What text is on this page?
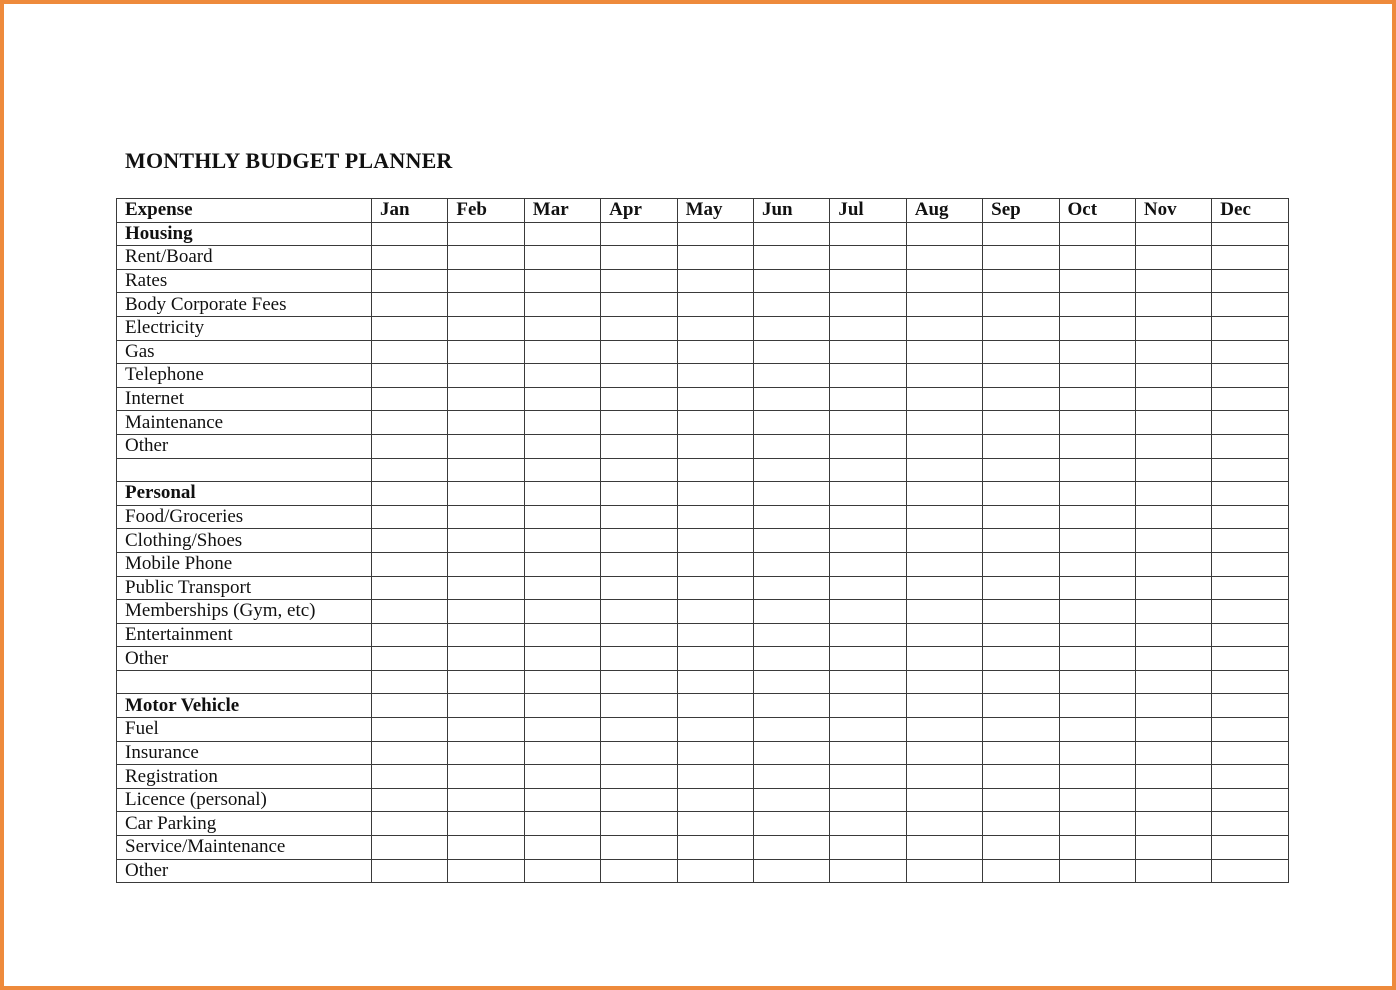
MONTHLY BUDGET PLANNER
Expense	Jan	Feb	Mar	Apr	May	Jun	Jul	Aug	Sep	Oct	Nov	Dec
Housing												
Rent/Board												
Rates												
Body Corporate Fees												
Electricity												
Gas												
Telephone												
Internet												
Maintenance												
Other												

Personal												
Food/Groceries												
Clothing/Shoes												
Mobile Phone												
Public Transport												
Memberships (Gym, etc)												
Entertainment												
Other												

Motor Vehicle												
Fuel												
Insurance												
Registration												
Licence (personal)												
Car Parking												
Service/Maintenance												
Other												
